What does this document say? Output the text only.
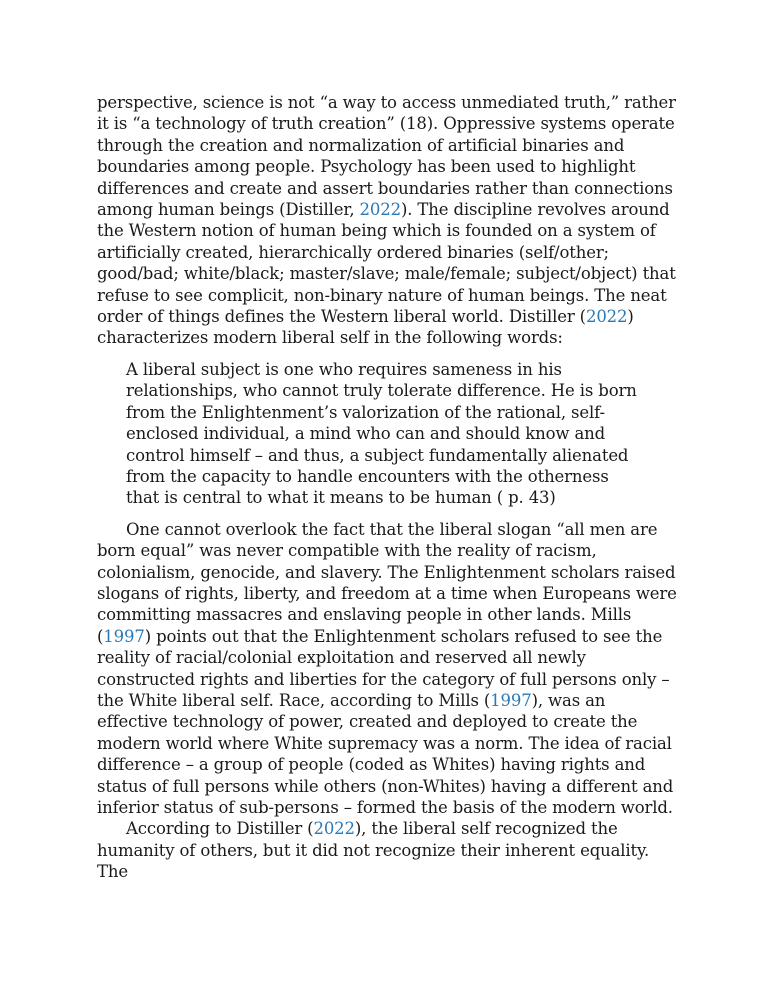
perspective, science is not “a way to access unmediated truth,” rather it is “a technology of truth creation” (18). Oppressive systems operate through the creation and normalization of artificial binaries and boundaries among people. Psychology has been used to highlight differences and create and assert boundaries rather than connections among human beings (Distiller, 2022). The discipline revolves around the Western notion of human being which is founded on a system of artificially created, hierarchically ordered binaries (self/other; good/bad; white/black; master/slave; male/female; subject/object) that refuse to see complicit, non-binary nature of human beings. The neat order of things defines the Western liberal world. Distiller (2022) characterizes modern liberal self in the following words:

A liberal subject is one who requires sameness in his relationships, who cannot truly tolerate difference. He is born from the Enlightenment’s valorization of the rational, self-enclosed individual, a mind who can and should know and control himself – and thus, a subject fundamentally alienated from the capacity to handle encounters with the otherness that is central to what it means to be human ( p. 43)

One cannot overlook the fact that the liberal slogan “all men are born equal” was never compatible with the reality of racism, colonialism, genocide, and slavery. The Enlightenment scholars raised slogans of rights, liberty, and freedom at a time when Europeans were committing massacres and enslaving people in other lands. Mills (1997) points out that the Enlightenment scholars refused to see the reality of racial/colonial exploitation and reserved all newly constructed rights and liberties for the category of full persons only – the White liberal self. Race, according to Mills (1997), was an effective technology of power, created and deployed to create the modern world where White supremacy was a norm. The idea of racial difference – a group of people (coded as Whites) having rights and status of full persons while others (non-Whites) having a different and inferior status of sub-persons – formed the basis of the modern world.

According to Distiller (2022), the liberal self recognized the humanity of others, but it did not recognize their inherent equality. The
